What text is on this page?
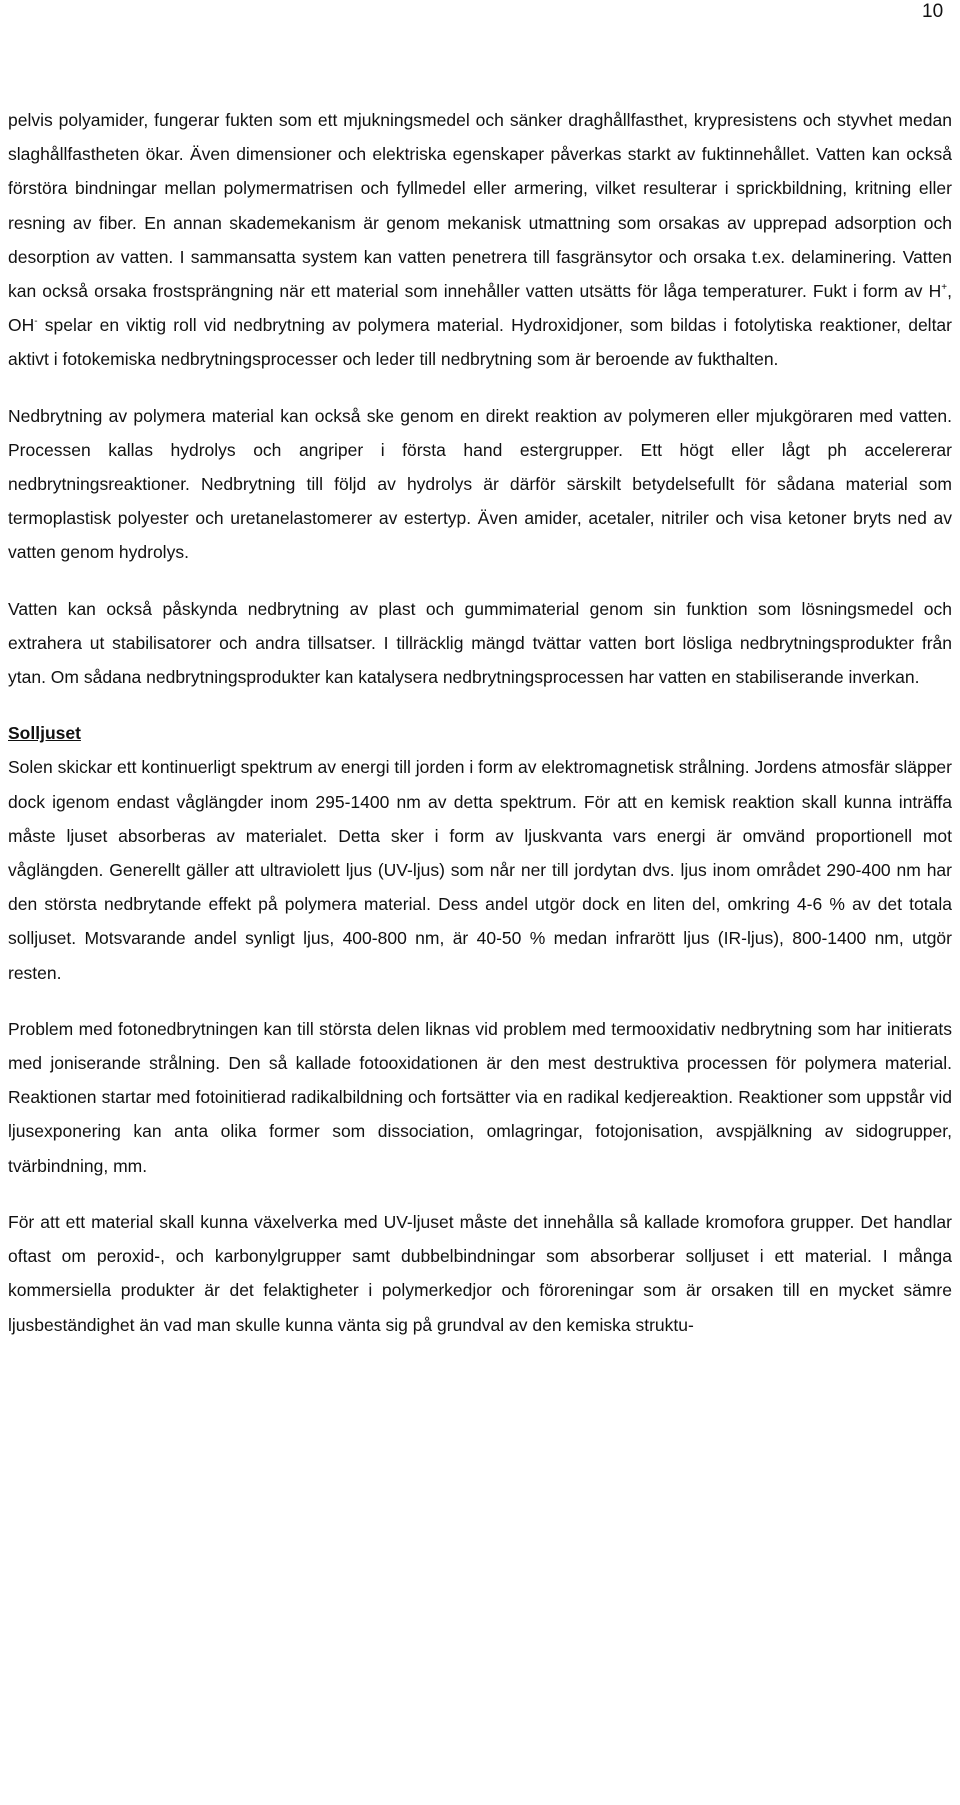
10

pelvis polyamider, fungerar fukten som ett mjukningsmedel och sänker draghållfasthet, krypresistens och styvhet medan slaghållfastheten ökar. Även dimensioner och elektriska egenskaper påverkas starkt av fuktinnehållet. Vatten kan också förstöra bindningar mellan polymermatrisen och fyllmedel eller armering, vilket resulterar i sprickbildning, kritning eller resning av fiber. En annan skademekanism är genom mekanisk utmattning som orsakas av upprepad adsorption och desorption av vatten. I sammansatta system kan vatten penetrera till fasgränsytor och orsaka t.ex. delaminering. Vatten kan också orsaka frostsprängning när ett material som innehåller vatten utsätts för låga temperaturer. Fukt i form av H+, OH- spelar en viktig roll vid nedbrytning av polymera material. Hydroxidjoner, som bildas i fotolytiska reaktioner, deltar aktivt i fotokemiska nedbrytningsprocesser och leder till nedbrytning som är beroende av fukthalten.

Nedbrytning av polymera material kan också ske genom en direkt reaktion av polymeren eller mjukgöraren med vatten. Processen kallas hydrolys och angriper i första hand estergrupper. Ett högt eller lågt ph accelererar nedbrytningsreaktioner. Nedbrytning till följd av hydrolys är därför särskilt betydelsefullt för sådana material som termoplastisk polyester och uretanelastomerer av estertyp. Även amider, acetaler, nitriler och visa ketoner bryts ned av vatten genom hydrolys.

Vatten kan också påskynda nedbrytning av plast och gummimaterial genom sin funktion som lösningsmedel och extrahera ut stabilisatorer och andra tillsatser. I tillräcklig mängd tvättar vatten bort lösliga nedbrytningsprodukter från ytan. Om sådana nedbrytningsprodukter kan katalysera nedbrytningsprocessen har vatten en stabiliserande inverkan.

Solljuset

Solen skickar ett kontinuerligt spektrum av energi till jorden i form av elektromagnetisk strålning. Jordens atmosfär släpper dock igenom endast våglängder inom 295-1400 nm av detta spektrum. För att en kemisk reaktion skall kunna inträffa måste ljuset absorberas av materialet. Detta sker i form av ljuskvanta vars energi är omvänd proportionell mot våglängden. Generellt gäller att ultraviolett ljus (UV-ljus) som når ner till jordytan dvs. ljus inom området 290-400 nm har den största nedbrytande effekt på polymera material. Dess andel utgör dock en liten del, omkring 4-6 % av det totala solljuset. Motsvarande andel synligt ljus, 400-800 nm, är 40-50 % medan infrarött ljus (IR-ljus), 800-1400 nm, utgör resten.

Problem med fotonedbrytningen kan till största delen liknas vid problem med termooxidativ nedbrytning som har initierats med joniserande strålning. Den så kallade fotooxidationen är den mest destruktiva processen för polymera material. Reaktionen startar med fotoinitierad radikalbildning och fortsätter via en radikal kedjereaktion. Reaktioner som uppstår vid ljusexponering kan anta olika former som dissociation, omlagringar, fotojonisation, avspjälkning av sidogrupper, tvärbindning, mm.

För att ett material skall kunna växelverka med UV-ljuset måste det innehålla så kallade kromofora grupper. Det handlar oftast om peroxid-, och karbonylgrupper samt dubbelbindningar som absorberar solljuset i ett material. I många kommersiella produkter är det felaktigheter i polymerkedjor och föroreningar som är orsaken till en mycket sämre ljusbeständighet än vad man skulle kunna vänta sig på grundval av den kemiska struktu-
